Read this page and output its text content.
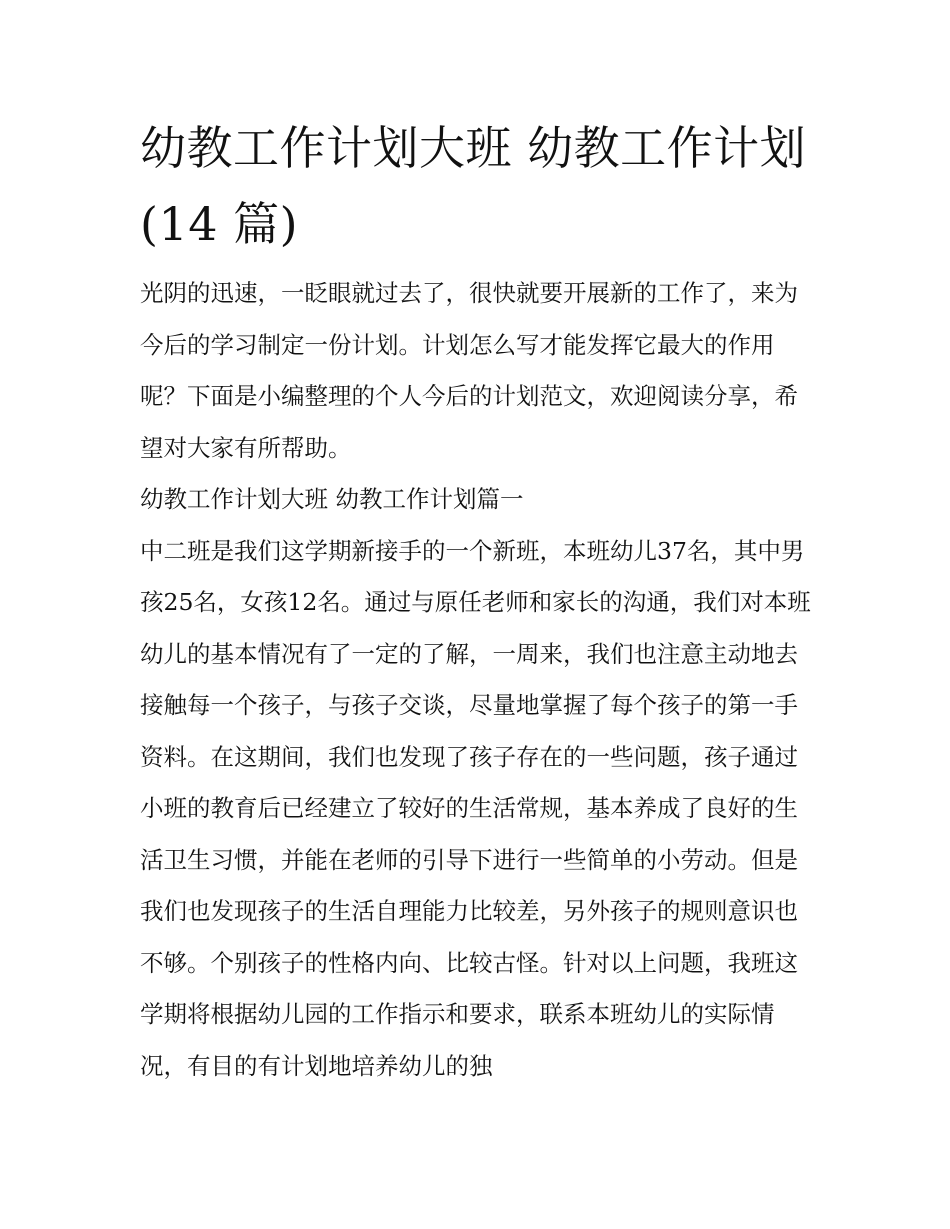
幼教工作计划大班 幼教工作计划(14 篇)

光阴的迅速，一眨眼就过去了，很快就要开展新的工作了，来为今后的学习制定一份计划。计划怎么写才能发挥它最大的作用呢？下面是小编整理的个人今后的计划范文，欢迎阅读分享，希望对大家有所帮助。

幼教工作计划大班 幼教工作计划篇一

中二班是我们这学期新接手的一个新班，本班幼儿37名，其中男孩25名，女孩12名。通过与原任老师和家长的沟通，我们对本班幼儿的基本情况有了一定的了解，一周来，我们也注意主动地去接触每一个孩子，与孩子交谈，尽量地掌握了每个孩子的第一手资料。在这期间，我们也发现了孩子存在的一些问题，孩子通过小班的教育后已经建立了较好的生活常规，基本养成了良好的生活卫生习惯，并能在老师的引导下进行一些简单的小劳动。但是我们也发现孩子的生活自理能力比较差，另外孩子的规则意识也不够。个别孩子的性格内向、比较古怪。针对以上问题，我班这学期将根据幼儿园的工作指示和要求，联系本班幼儿的实际情况，有目的有计划地培养幼儿的独
